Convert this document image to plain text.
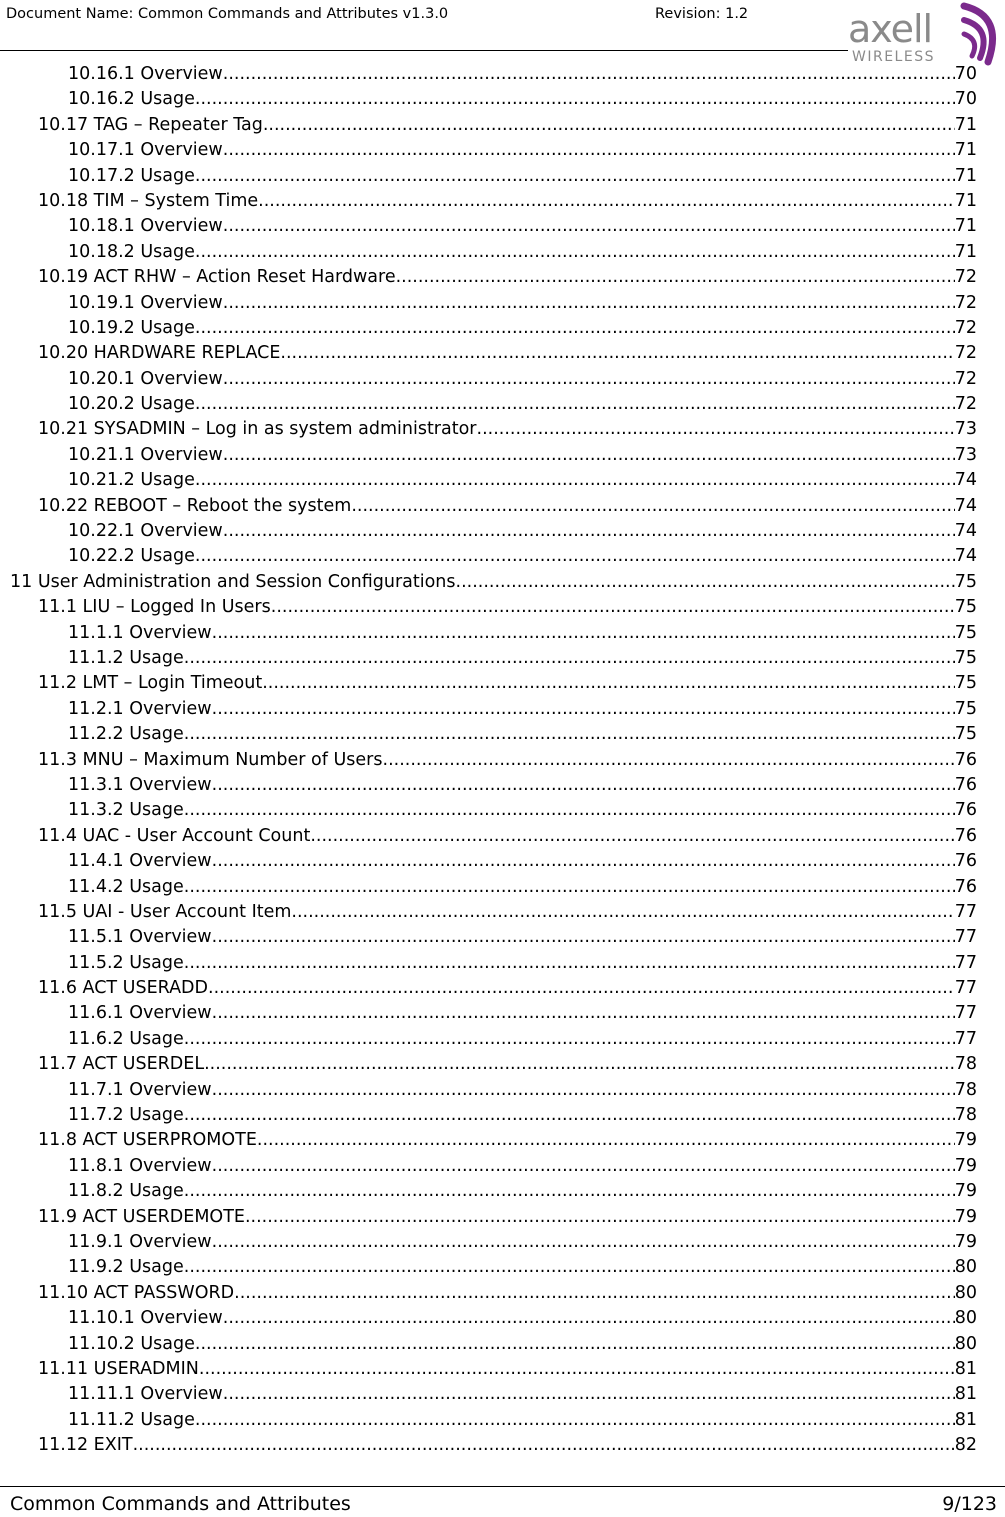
Document Name: Common Commands and Attributes v1.3.0	Revision: 1.2	axell
WIRELESS
10.16.1 Overview .....	70
10.16.2 Usage .....	70
10.17 TAG – Repeater Tag .....	71
10.17.1 Overview .....	71
10.17.2 Usage .....	71
10.18 TIM – System Time .....	71
10.18.1 Overview .....	71
10.18.2 Usage .....	71
10.19 ACT RHW – Action Reset Hardware .....	72
10.19.1 Overview .....	72
10.19.2 Usage .....	72
10.20 HARDWARE REPLACE .....	72
10.20.1 Overview .....	72
10.20.2 Usage .....	72
10.21 SYSADMIN – Log in as system administrator .....	73
10.21.1 Overview .....	73
10.21.2 Usage .....	74
10.22 REBOOT – Reboot the system .....	74
10.22.1 Overview .....	74
10.22.2 Usage .....	74
11 User Administration and Session Configurations .....	75
11.1 LIU – Logged In Users .....	75
11.1.1 Overview .....	75
11.1.2 Usage .....	75
11.2 LMT – Login Timeout .....	75
11.2.1 Overview .....	75
11.2.2 Usage .....	75
11.3 MNU – Maximum Number of Users .....	76
11.3.1 Overview .....	76
11.3.2 Usage .....	76
11.4 UAC - User Account Count .....	76
11.4.1 Overview .....	76
11.4.2 Usage .....	76
11.5 UAI - User Account Item .....	77
11.5.1 Overview .....	77
11.5.2 Usage .....	77
11.6 ACT USERADD .....	77
11.6.1 Overview .....	77
11.6.2 Usage .....	77
11.7 ACT USERDEL .....	78
11.7.1 Overview .....	78
11.7.2 Usage .....	78
11.8 ACT USERPROMOTE .....	79
11.8.1 Overview .....	79
11.8.2 Usage .....	79
11.9 ACT USERDEMOTE .....	79
11.9.1 Overview .....	79
11.9.2 Usage .....	80
11.10 ACT PASSWORD .....	80
11.10.1 Overview .....	80
11.10.2 Usage .....	80
11.11 USERADMIN .....	81
11.11.1 Overview .....	81
11.11.2 Usage .....	81
11.12 EXIT .....	82
Common Commands and Attributes	9/123
